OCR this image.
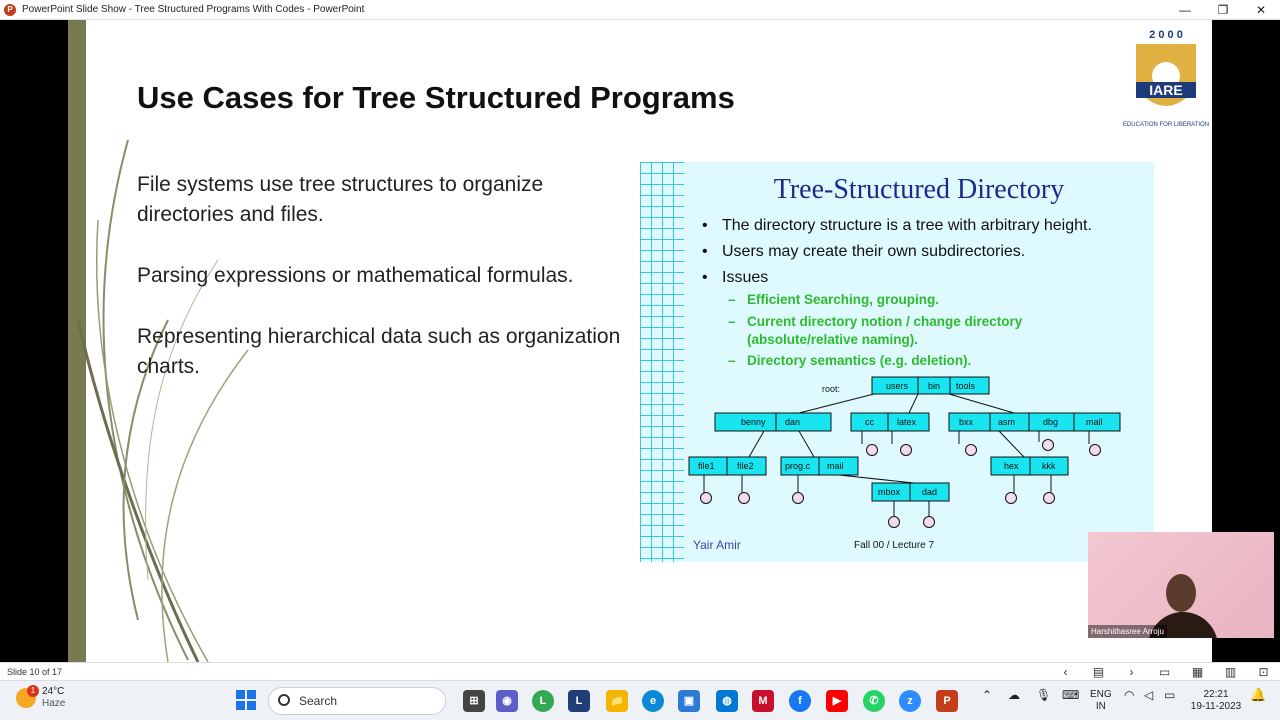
P PowerPoint Slide Show - Tree Structured Programs With Codes - PowerPoint	—	❐	✕
Use Cases for Tree Structured Programs

File systems use tree structures to organize directories and files.

Parsing expressions or mathematical formulas.

Representing hierarchical data such as organization charts.

2 0 0 0
IARE
EDUCATION FOR LIBERATION
Tree-Structured Directory
• The directory structure is a tree with arbitrary height.
• Users may create their own subdirectories.
• Issues
– Efficient Searching, grouping.
– Current directory notion / change directory
(absolute/relative naming).
– Directory semantics (e.g. deletion).
root:	users bin tools
benny dan	cc	latex	bxx	asm	dbg	mail
file1 file2	prog.c mail	hex	kkk
mbox dad
Yair Amir	Fall 00 / Lecture 7
Harshithasree Arroju
Slide 10 of 17	‹	▤	›	▭	▦	▥	⊡
1 24°C
Haze	Search	⊞	◉	L	L	📁	e	▣	◍	M	f	▶	✆	z	P	⌃ ☁ 🎙 ⌨ ENG
IN
◠ ◁ ▭	22:21
19-11-2023
🔔
